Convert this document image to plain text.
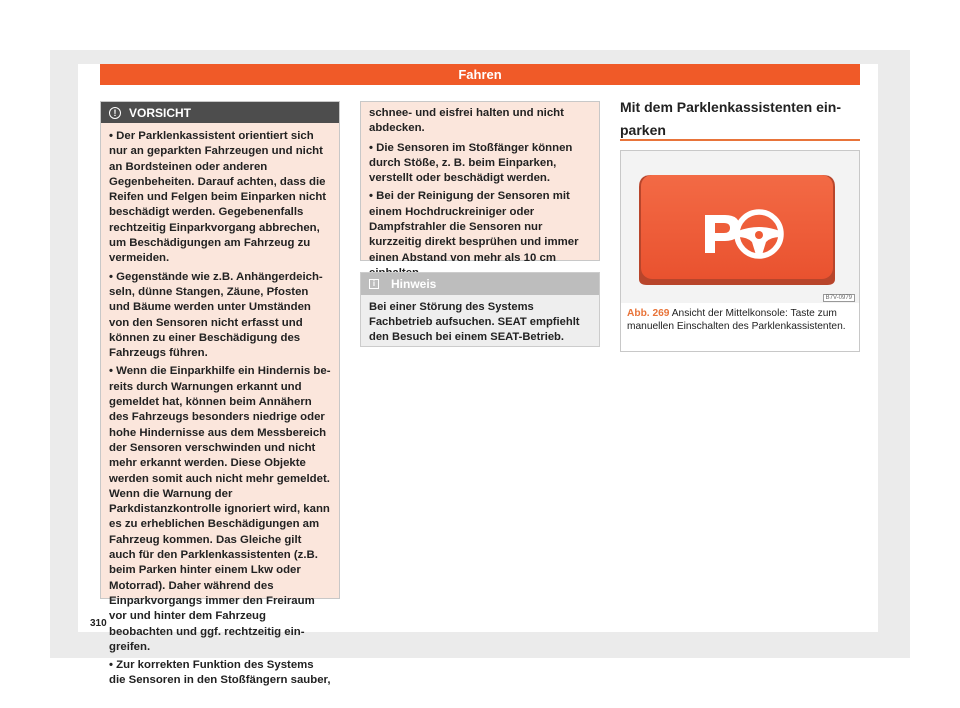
Fahren
!	VORSICHT

• Der Parklenkassistent orientiert sich nur an geparkten Fahrzeugen und nicht an Bordsteinen oder anderen Gegenbeheiten. Darauf achten, dass die Reifen und Felgen beim Einparken nicht beschädigt werden. Gegebenenfalls rechtzeitig Einparkvorgang abbrechen, um Beschädigungen am Fahrzeug zu vermeiden.

• Gegenstände wie z.B. Anhängerdeichseln, dünne Stangen, Zäune, Pfosten und Bäume werden unter Umständen von den Sensoren nicht erfasst und können zu einer Beschädigung des Fahrzeugs führen.

• Wenn die Einparkhilfe ein Hindernis bereits durch Warnungen erkannt und gemeldet hat, können beim Annähern des Fahrzeugs besonders niedrige oder hohe Hindernisse aus dem Messbereich der Sensoren verschwinden und nicht mehr erkannt werden. Diese Objekte werden somit auch nicht mehr gemeldet. Wenn die Warnung der Parkdistanzkontrolle ignoriert wird, kann es zu erheblichen Beschädigungen am Fahrzeug kommen. Das Gleiche gilt auch für den Parklenkassistenten (z.B. beim Parken hinter einem Lkw oder Motorrad). Daher während des Einparkvorgangs immer den Freiraum vor und hinter dem Fahrzeug beobachten und ggf. rechtzeitig eingreifen.

• Zur korrekten Funktion des Systems die Sensoren in den Stoßfängern sauber,

schnee- und eisfrei halten und nicht abdecken.

• Die Sensoren im Stoßfänger können durch Stöße, z. B. beim Einparken, verstellt oder beschädigt werden.

• Bei der Reinigung der Sensoren mit einem Hochdruckreiniger oder Dampfstrahler die Sensoren nur kurzzeitig direkt besprühen und immer einen Abstand von mehr als 10 cm

i	Hinweis
Bei einer Störung des Systems Fachbetrieb aufsuchen. SEAT empfiehlt den Besuch bei einem SEAT-Betrieb.
Mit dem Parklenkassistenten einparken
B7V-0979
Abb. 269 Ansicht der Mittelkonsole: Taste zum manuellen Einschalten des Parklenkassistenten.
310
